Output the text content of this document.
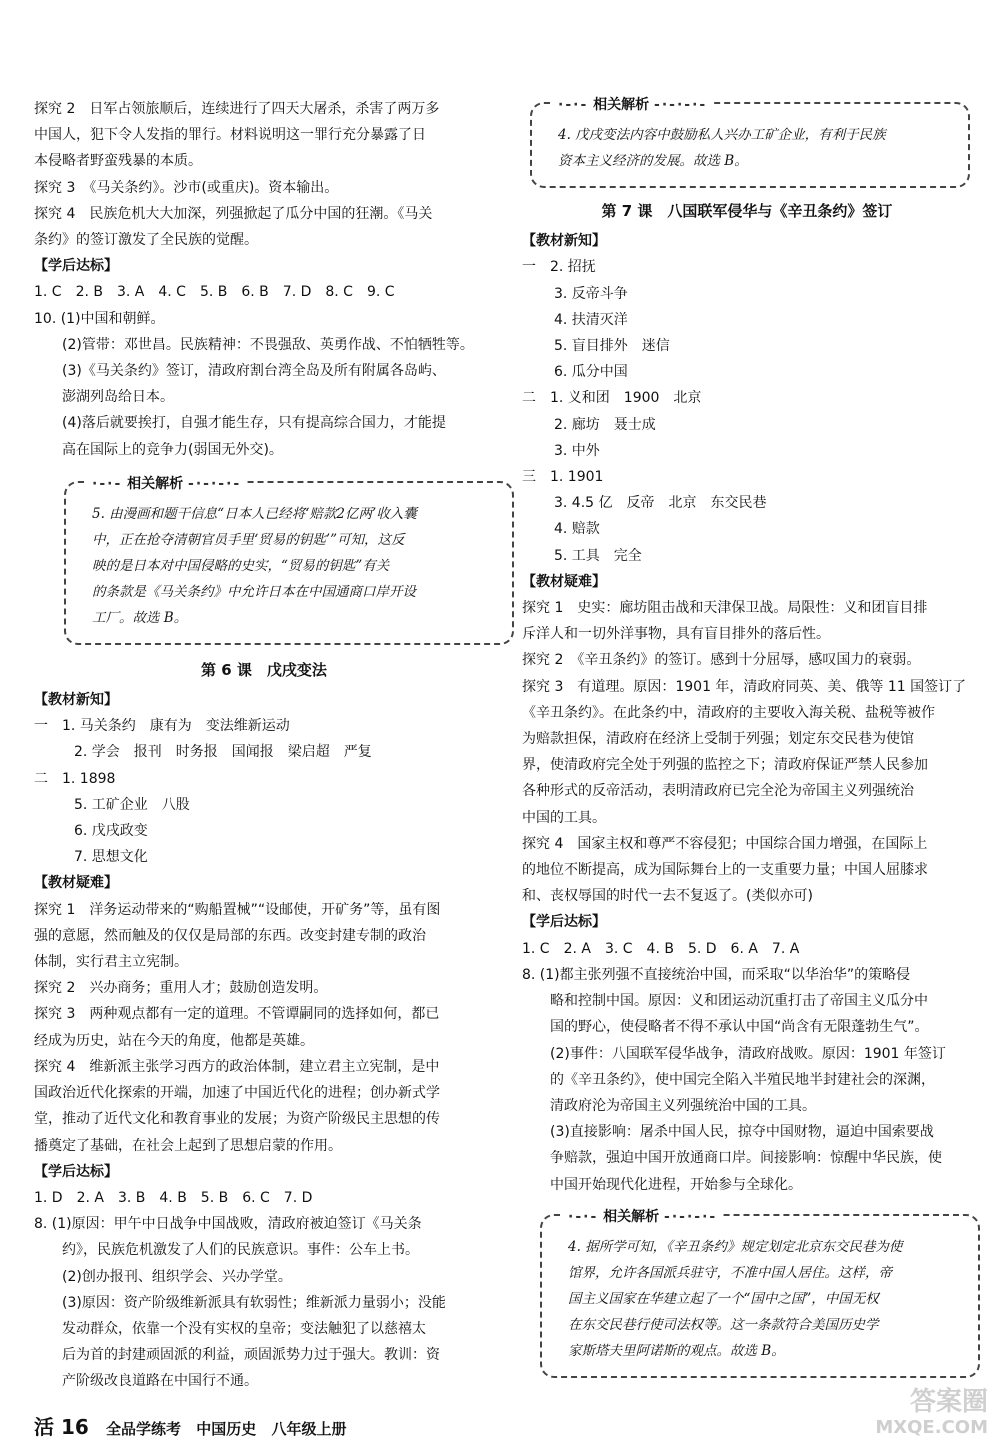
探究 2　日军占领旅顺后，连续进行了四天大屠杀，杀害了两万多
中国人，犯下令人发指的罪行。材料说明这一罪行充分暴露了日
本侵略者野蛮残暴的本质。
探究 3　《马关条约》。沙市(或重庆)。资本输出。
探究 4　民族危机大大加深，列强掀起了瓜分中国的狂潮。《马关
条约》的签订激发了全民族的觉醒。
【学后达标】
1. C　2. B　3. A　4. C　5. B　6. B　7. D　8. C　9. C
10. (1)中国和朝鲜。
(2)管带：邓世昌。民族精神：不畏强敌、英勇作战、不怕牺牲等。
(3)《马关条约》签订，清政府割台湾全岛及所有附属各岛屿、
澎湖列岛给日本。
(4)落后就要挨打，自强才能生存，只有提高综合国力，才能提
高在国际上的竞争力(弱国无外交)。
·-·- 相关解析 -·-·-·-
5. 由漫画和题干信息“日本人已经将‘赔款2亿两’收入囊
中，正在抢夺清朝官员手里‘贸易的钥匙’”可知，这反
映的是日本对中国侵略的史实，“贸易的钥匙”有关
的条款是《马关条约》中允许日本在中国通商口岸开设
工厂。故选 B。
第 6 课　戊戌变法
【教材新知】
一　1. 马关条约　康有为　变法维新运动
2. 学会　报刊　时务报　国闻报　梁启超　严复
二　1. 1898
5. 工矿企业　八股
6. 戊戌政变
7. 思想文化
【教材疑难】
探究 1　洋务运动带来的“购船置械”“设邮使，开矿务”等，虽有图
强的意愿，然而触及的仅仅是局部的东西。改变封建专制的政治
体制，实行君主立宪制。
探究 2　兴办商务；重用人才；鼓励创造发明。
探究 3　两种观点都有一定的道理。不管谭嗣同的选择如何，都已
经成为历史，站在今天的角度，他都是英雄。
探究 4　维新派主张学习西方的政治体制，建立君主立宪制，是中
国政治近代化探索的开端，加速了中国近代化的进程；创办新式学
堂，推动了近代文化和教育事业的发展；为资产阶级民主思想的传
播奠定了基础，在社会上起到了思想启蒙的作用。
【学后达标】
1. D　2. A　3. B　4. B　5. B　6. C　7. D
8. (1)原因：甲午中日战争中国战败，清政府被迫签订《马关条
约》，民族危机激发了人们的民族意识。事件：公车上书。
(2)创办报刊、组织学会、兴办学堂。
(3)原因：资产阶级维新派具有软弱性；维新派力量弱小；没能
发动群众，依靠一个没有实权的皇帝；变法触犯了以慈禧太
后为首的封建顽固派的利益，顽固派势力过于强大。教训：资
产阶级改良道路在中国行不通。
·-·- 相关解析 -·-·-·-
4. 戊戌变法内容中鼓励私人兴办工矿企业，有利于民族
资本主义经济的发展。故选 B。
第 7 课　八国联军侵华与《辛丑条约》签订
【教材新知】
一　2. 招抚
3. 反帝斗争
4. 扶清灭洋
5. 盲目排外　迷信
6. 瓜分中国
二　1. 义和团　1900　北京
2. 廊坊　聂士成
3. 中外
三　1. 1901
3. 4.5 亿　反帝　北京　东交民巷
4. 赔款
5. 工具　完全
【教材疑难】
探究 1　史实：廊坊阻击战和天津保卫战。局限性：义和团盲目排
斥洋人和一切外洋事物，具有盲目排外的落后性。
探究 2　《辛丑条约》的签订。感到十分屈辱，感叹国力的衰弱。
探究 3　有道理。原因：1901 年，清政府同英、美、俄等 11 国签订了
《辛丑条约》。在此条约中，清政府的主要收入海关税、盐税等被作
为赔款担保，清政府在经济上受制于列强；划定东交民巷为使馆
界，使清政府完全处于列强的监控之下；清政府保证严禁人民参加
各种形式的反帝活动，表明清政府已完全沦为帝国主义列强统治
中国的工具。
探究 4　国家主权和尊严不容侵犯；中国综合国力增强，在国际上
的地位不断提高，成为国际舞台上的一支重要力量；中国人屈膝求
和、丧权辱国的时代一去不复返了。(类似亦可)
【学后达标】
1. C　2. A　3. C　4. B　5. D　6. A　7. A
8. (1)都主张列强不直接统治中国，而采取“以华治华”的策略侵
略和控制中国。原因：义和团运动沉重打击了帝国主义瓜分中
国的野心，使侵略者不得不承认中国“尚含有无限蓬勃生气”。
(2)事件：八国联军侵华战争，清政府战败。原因：1901 年签订
的《辛丑条约》，使中国完全陷入半殖民地半封建社会的深渊，
清政府沦为帝国主义列强统治中国的工具。
(3)直接影响：屠杀中国人民，掠夺中国财物，逼迫中国索要战
争赔款，强迫中国开放通商口岸。间接影响：惊醒中华民族，使
中国开始现代化进程，开始参与全球化。
·-·- 相关解析 -·-·-·-
4. 据所学可知，《辛丑条约》规定划定北京东交民巷为使
馆界，允许各国派兵驻守，不准中国人居住。这样，帝
国主义国家在华建立起了一个“国中之国”，中国无权
在东交民巷行使司法权等。这一条款符合美国历史学
家斯塔夫里阿诺斯的观点。故选 B。
活 16 全品学练考 中国历史 八年级上册
答案圈
MXQE.COM
